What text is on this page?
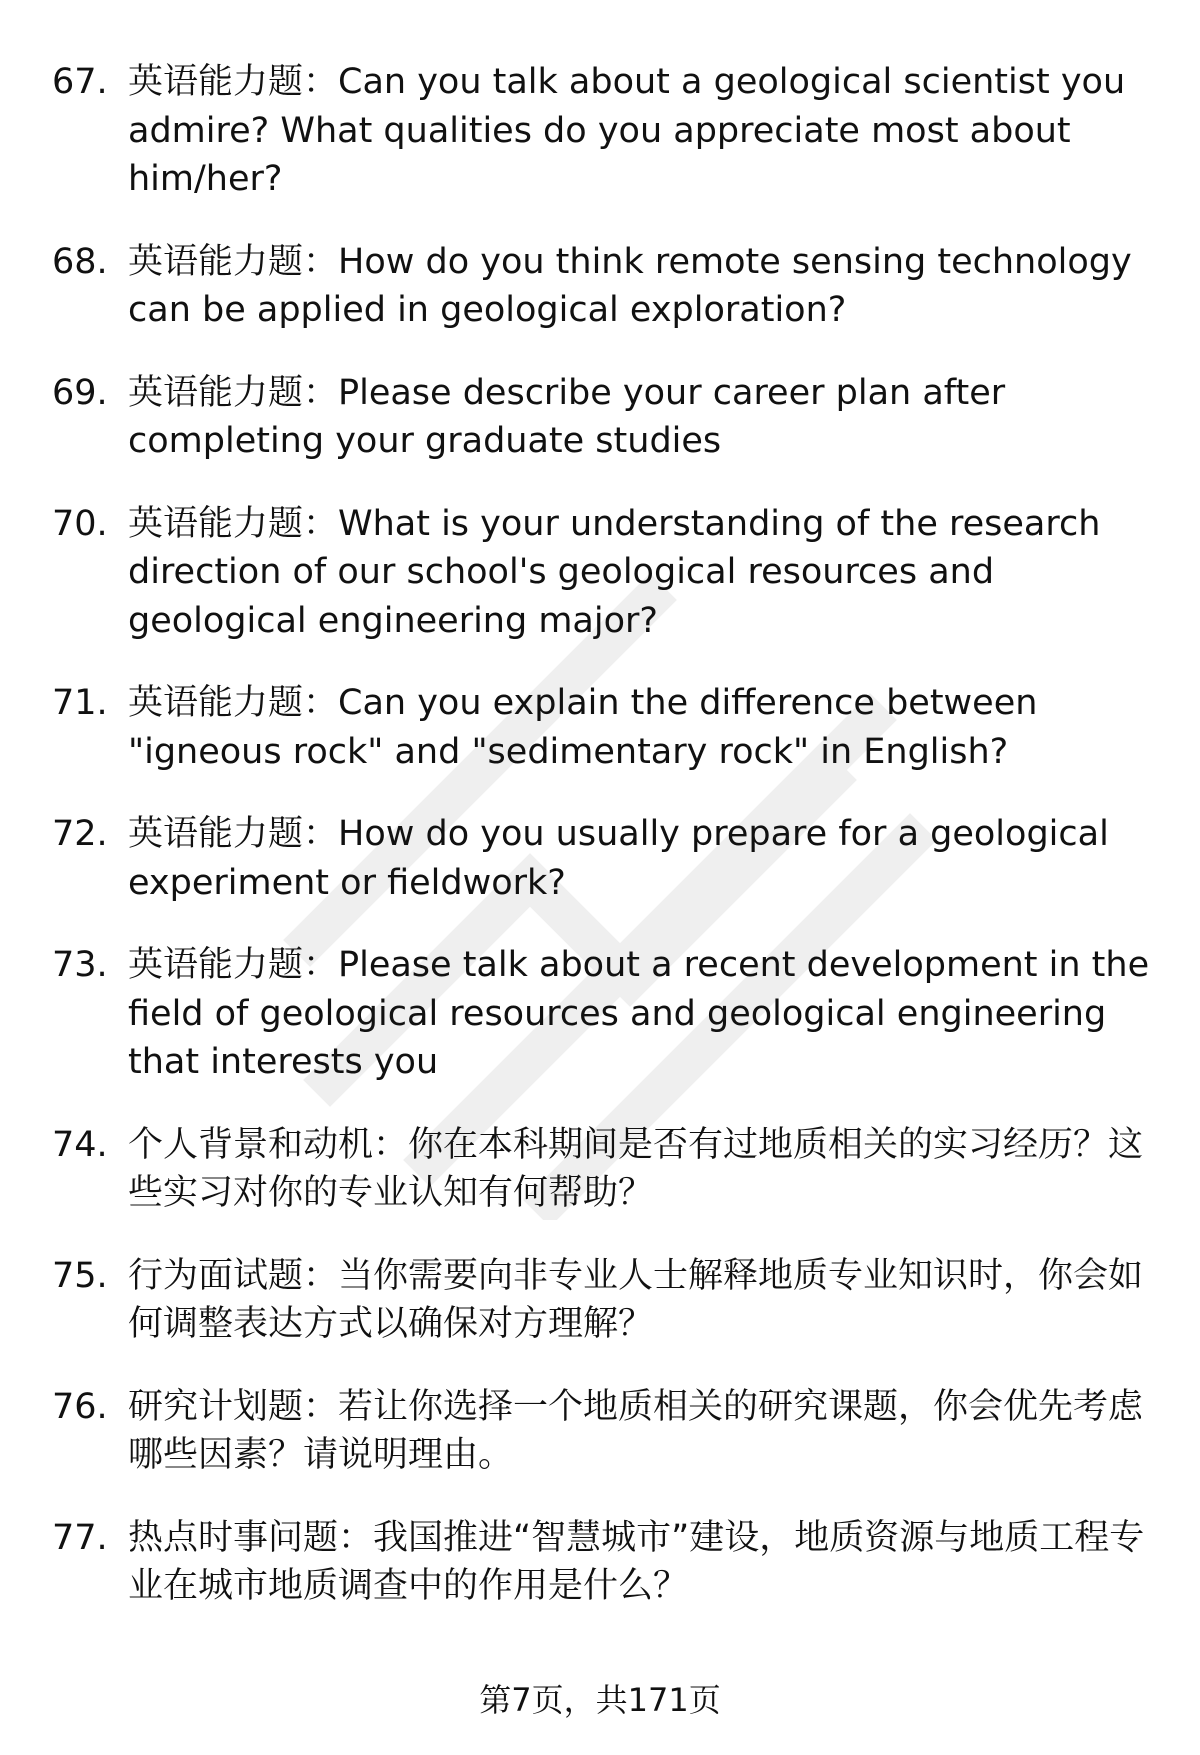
67. 英语能力题：Can you talk about a geological scientist you admire? What qualities do you appreciate most about him/her?
68. 英语能力题：How do you think remote sensing technology can be applied in geological exploration?
69. 英语能力题：Please describe your career plan after completing your graduate studies
70. 英语能力题：What is your understanding of the research direction of our school's geological resources and geological engineering major?
71. 英语能力题：Can you explain the difference between "igneous rock" and "sedimentary rock" in English?
72. 英语能力题：How do you usually prepare for a geological experiment or fieldwork?
73. 英语能力题：Please talk about a recent development in the field of geological resources and geological engineering that interests you
74. 个人背景和动机：你在本科期间是否有过地质相关的实习经历？这些实习对你的专业认知有何帮助？
75. 行为面试题：当你需要向非专业人士解释地质专业知识时，你会如何调整表达方式以确保对方理解？
76. 研究计划题：若让你选择一个地质相关的研究课题，你会优先考虑哪些因素？请说明理由。
77. 热点时事问题：我国推进“智慧城市”建设，地质资源与地质工程专业在城市地质调查中的作用是什么？
第7页，共171页
